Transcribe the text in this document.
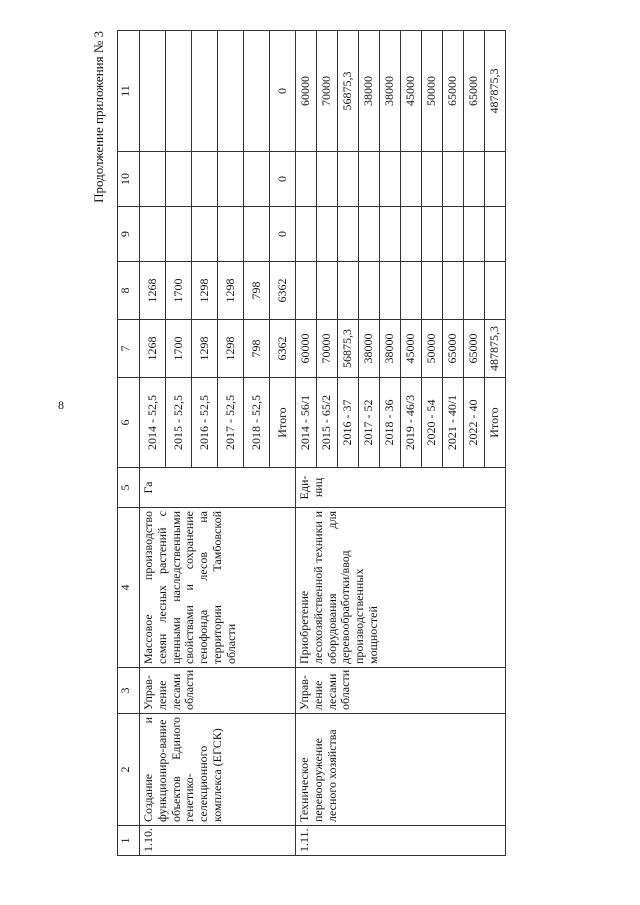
8
Продолжение приложения № 3
1	2	3	4	5	6	7	8	9	10	11
1.10.	Создание и функциониро-вание объектов Единого генетико-селекционного комплекса (ЕГСК)	Управ-ление лесами области	Массовое производство семян лесных растений с ценными наследственными свойствами и сохранение генофонда лесов на территории Тамбовской области	Га	2014 - 52,5	1268	1268			
					2015 - 52,5	1700	1700			
					2016 - 52,5	1298	1298			
					2017 - 52,5	1298	1298			
					2018 - 52,5	798	798			
					Итого	6362	6362	0	0	0
1.11.	Техническое перевооружение лесного хозяйства	Управ-ление лесами области	Приобретение лесохозяйственной техники и оборудования для деревообработки/ввод производственных мощностей	Еди-ниц	2014 - 56/1	60000				60000
					2015 - 65/2	70000				70000
					2016 - 37	56875,3				56875,3
					2017 - 52	38000				38000
					2018 - 36	38000				38000
					2019 - 46/3	45000				45000
					2020 - 54	50000				50000
					2021 - 40/1	65000				65000
					2022 - 40	65000				65000
					Итого	487875,3				487875,3
